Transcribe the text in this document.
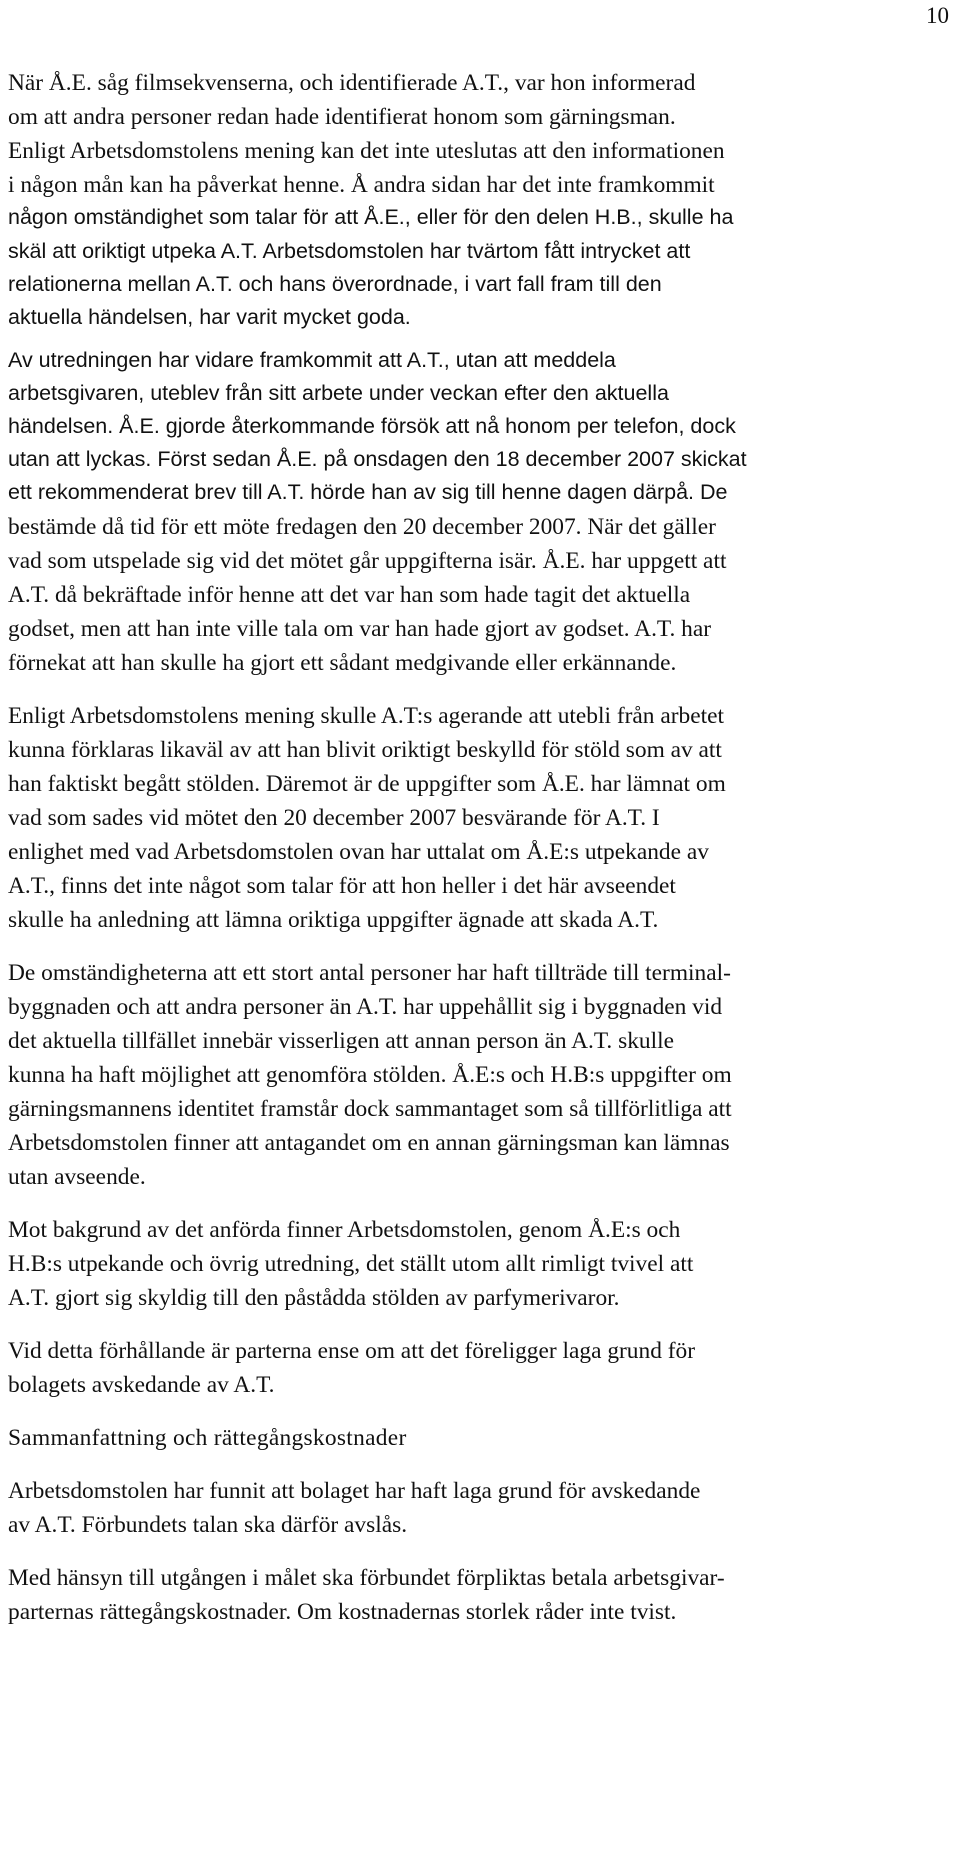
10
När Å.E. såg filmsekvenserna, och identifierade A.T., var hon informerad
om att andra personer redan hade identifierat honom som gärningsman.
Enligt Arbetsdomstolens mening kan det inte uteslutas att den informationen
i någon mån kan ha påverkat henne. Å andra sidan har det inte framkommit
någon omständighet som talar för att Å.E., eller för den delen H.B., skulle ha
skäl att oriktigt utpeka A.T. Arbetsdomstolen har tvärtom fått intrycket att
relationerna mellan A.T. och hans överordnade, i vart fall fram till den
aktuella händelsen, har varit mycket goda.
Av utredningen har vidare framkommit att A.T., utan att meddela
arbetsgivaren, uteblev från sitt arbete under veckan efter den aktuella
händelsen. Å.E. gjorde återkommande försök att nå honom per telefon, dock
utan att lyckas. Först sedan Å.E. på onsdagen den 18 december 2007 skickat
ett rekommenderat brev till A.T. hörde han av sig till henne dagen därpå. De
bestämde då tid för ett möte fredagen den 20 december 2007. När det gäller
vad som utspelade sig vid det mötet går uppgifterna isär. Å.E. har uppgett att
A.T. då bekräftade inför henne att det var han som hade tagit det aktuella
godset, men att han inte ville tala om var han hade gjort av godset. A.T. har
förnekat att han skulle ha gjort ett sådant medgivande eller erkännande.
Enligt Arbetsdomstolens mening skulle A.T:s agerande att utebli från arbetet
kunna förklaras likaväl av att han blivit oriktigt beskylld för stöld som av att
han faktiskt begått stölden. Däremot är de uppgifter som Å.E. har lämnat om
vad som sades vid mötet den 20 december 2007 besvärande för A.T. I
enlighet med vad Arbetsdomstolen ovan har uttalat om Å.E:s utpekande av
A.T., finns det inte något som talar för att hon heller i det här avseendet
skulle ha anledning att lämna oriktiga uppgifter ägnade att skada A.T.
De omständigheterna att ett stort antal personer har haft tillträde till terminal-
byggnaden och att andra personer än A.T. har uppehållit sig i byggnaden vid
det aktuella tillfället innebär visserligen att annan person än A.T. skulle
kunna ha haft möjlighet att genomföra stölden. Å.E:s och H.B:s uppgifter om
gärningsmannens identitet framstår dock sammantaget som så tillförlitliga att
Arbetsdomstolen finner att antagandet om en annan gärningsman kan lämnas
utan avseende.
Mot bakgrund av det anförda finner Arbetsdomstolen, genom Å.E:s och
H.B:s utpekande och övrig utredning, det ställt utom allt rimligt tvivel att
A.T. gjort sig skyldig till den påstådda stölden av parfymerivaror.
Vid detta förhållande är parterna ense om att det föreligger laga grund för
bolagets avskedande av A.T.
Sammanfattning och rättegångskostnader
Arbetsdomstolen har funnit att bolaget har haft laga grund för avskedande
av A.T. Förbundets talan ska därför avslås.
Med hänsyn till utgången i målet ska förbundet förpliktas betala arbetsgivar-
parternas rättegångskostnader. Om kostnadernas storlek råder inte tvist.
